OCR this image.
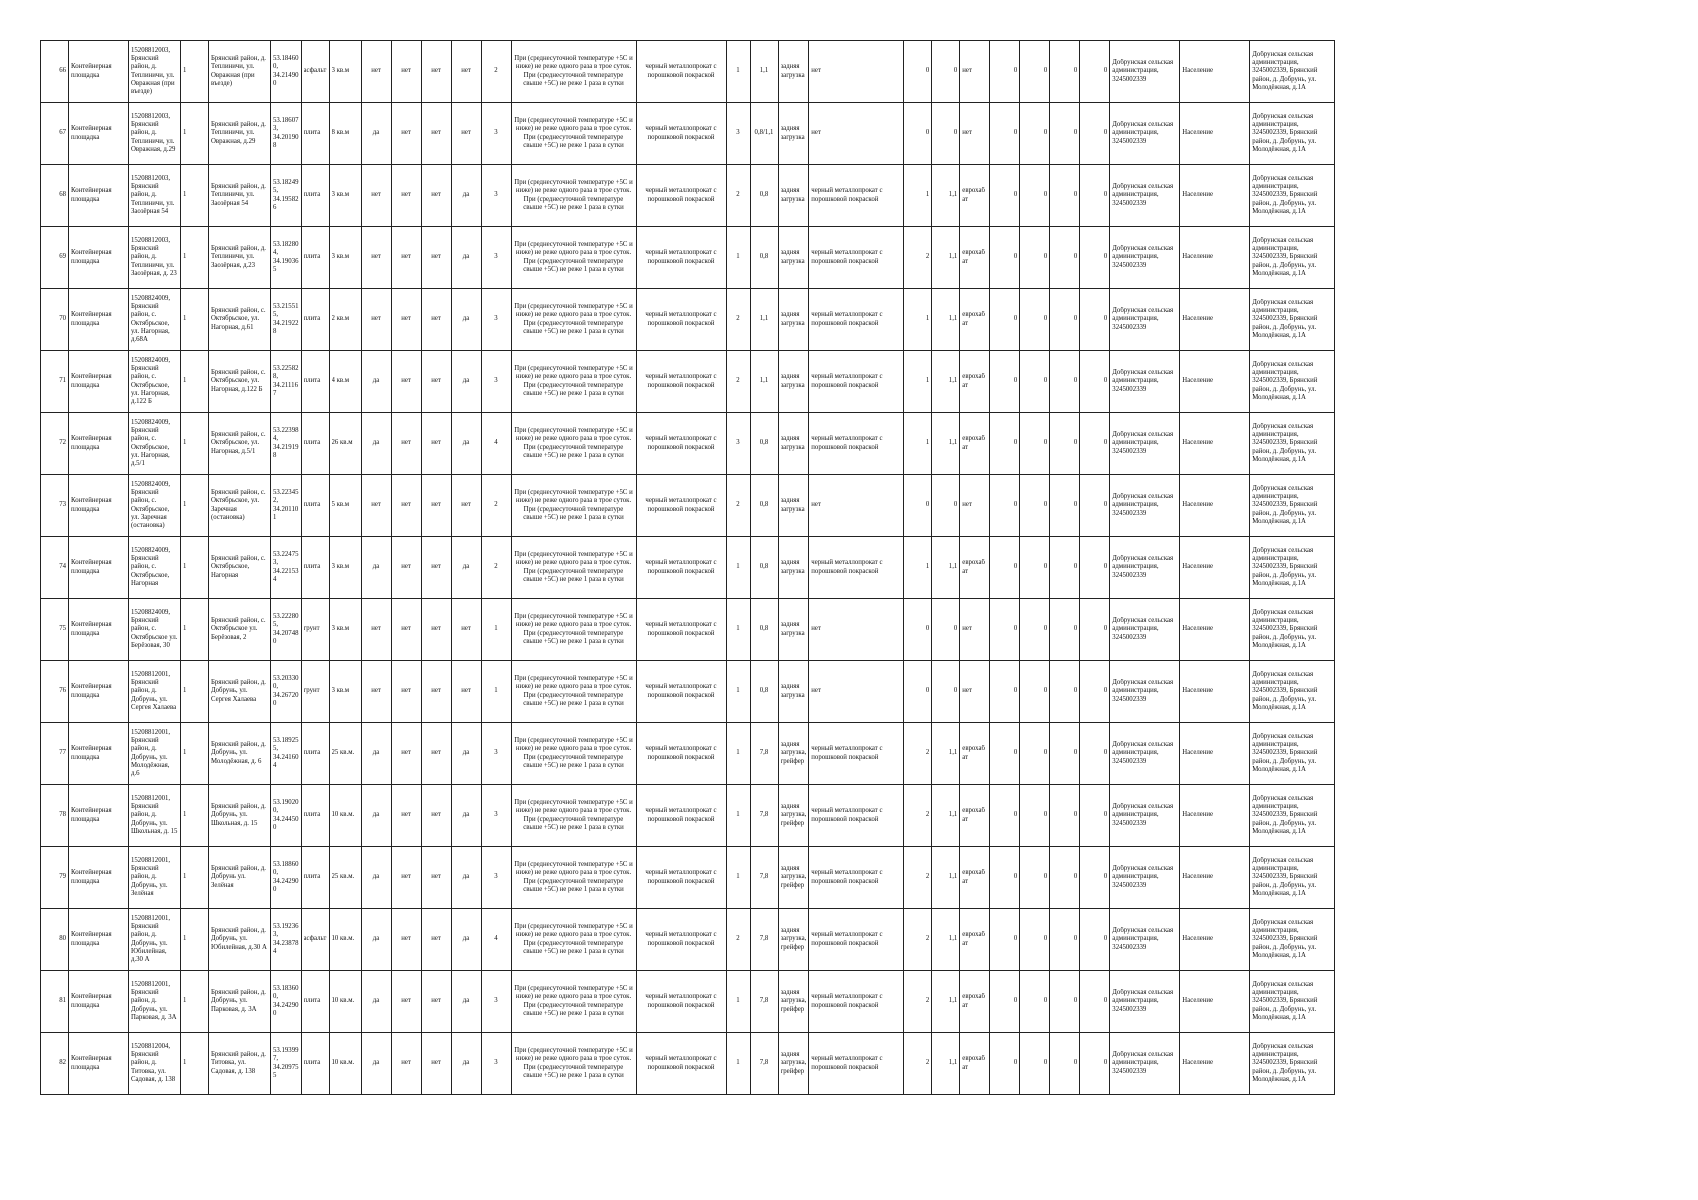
66	Контейнерная площадка	15208812003, Брянский район, д. Теплиничи, ул. Овражная (при въезде)	1	Брянский район, д. Теплиничи, ул. Овражная (при въезде)	53.18460 0, 34.21490 0	асфальт	3 кв.м	нет	нет	нет	нет	2	При (среднесуточной температуре +5С и ниже) не реже одного раза в трое суток. При (среднесуточной температуре свыше +5С) не реже 1 раза в сутки	черный металлопрокат с порошковой покраской	1	1,1	задняя загрузка	нет	0	0	нет	0	0	0	0	Добрунская сельская администрация, 3245002339	Население	Добрунская сельская администрация, 3245002339, Брянский район, д. Добрунь, ул. Молодёжная, д.1А

67	Контейнерная площадка	15208812003, Брянский район, д. Теплиничи, ул. Овражная, д.29	1	Брянский район, д. Теплиничи, ул. Овражная, д.29	53.18607 3, 34.20190 8	плита	8 кв.м	да	нет	нет	нет	3	При (среднесуточной температуре +5С и ниже) не реже одного раза в трое суток. При (среднесуточной температуре свыше +5С) не реже 1 раза в сутки	черный металлопрокат с порошковой покраской	3	0,8/1,1	задняя загрузка	нет	0	0	нет	0	0	0	0	Добрунская сельская администрация, 3245002339	Население	Добрунская сельская администрация, 3245002339, Брянский район, д. Добрунь, ул. Молодёжная, д.1А

68	Контейнерная площадка	15208812003, Брянский район, д. Теплиничи, ул. Заозёрная 54	1	Брянский район, д. Теплиничи, ул. Заозёрная 54	53.18249 5, 34.19582 6	плита	3 кв.м	нет	нет	нет	да	3	При (среднесуточной температуре +5С и ниже) не реже одного раза в трое суток. При (среднесуточной температуре свыше +5С) не реже 1 раза в сутки	черный металлопрокат с порошковой покраской	2	0,8	задняя загрузка	черный металлопрокат с порошковой покраской	1	1,1	еврохаб ат	0	0	0	0	Добрунская сельская администрация, 3245002339	Население	Добрунская сельская администрация, 3245002339, Брянский район, д. Добрунь, ул. Молодёжная, д.1А

69	Контейнерная площадка	15208812003, Брянский район, д. Теплиничи, ул. Заозёрная, д. 23	1	Брянский район, д. Теплиничи, ул. Заозёрная, д.23	53.18280 4, 34.19036 5	плита	3 кв.м	нет	нет	нет	да	3	При (среднесуточной температуре +5С и ниже) не реже одного раза в трое суток. При (среднесуточной температуре свыше +5С) не реже 1 раза в сутки	черный металлопрокат с порошковой покраской	1	0,8	задняя загрузка	черный металлопрокат с порошковой покраской	2	1,1	еврохаб ат	0	0	0	0	Добрунская сельская администрация, 3245002339	Население	Добрунская сельская администрация, 3245002339, Брянский район, д. Добрунь, ул. Молодёжная, д.1А

70	Контейнерная площадка	15208824009, Брянский район, с. Октябрьское, ул. Нагорная, д.68А	1	Брянский район, с. Октябрьское, ул. Нагорная, д.61	53.21551 5, 34.21922 8	плита	2 кв.м	нет	нет	нет	да	3	При (среднесуточной температуре +5С и ниже) не реже одного раза в трое суток. При (среднесуточной температуре свыше +5С) не реже 1 раза в сутки	черный металлопрокат с порошковой покраской	2	1,1	задняя загрузка	черный металлопрокат с порошковой покраской	1	1,1	еврохаб ат	0	0	0	0	Добрунская сельская администрация, 3245002339	Население	Добрунская сельская администрация, 3245002339, Брянский район, д. Добрунь, ул. Молодёжная, д.1А

71	Контейнерная площадка	15208824009, Брянский район, с. Октябрьское, ул. Нагорная, д.122 Б	1	Брянский район, с. Октябрьское, ул. Нагорная, д.122 Б	53.22582 8, 34.21116 7	плита	4 кв.м	да	нет	нет	да	3	При (среднесуточной температуре +5С и ниже) не реже одного раза в трое суток. При (среднесуточной температуре свыше +5С) не реже 1 раза в сутки	черный металлопрокат с порошковой покраской	2	1,1	задняя загрузка	черный металлопрокат с порошковой покраской	1	1,1	еврохаб ат	0	0	0	0	Добрунская сельская администрация, 3245002339	Население	Добрунская сельская администрация, 3245002339, Брянский район, д. Добрунь, ул. Молодёжная, д.1А

72	Контейнерная площадка	15208824009, Брянский район, с. Октябрьское, ул. Нагорная, д.5/1	1	Брянский район, с. Октябрьское, ул. Нагорная, д.5/1	53.22398 4, 34.21919 8	плита	26 кв.м	да	нет	нет	да	4	При (среднесуточной температуре +5С и ниже) не реже одного раза в трое суток. При (среднесуточной температуре свыше +5С) не реже 1 раза в сутки	черный металлопрокат с порошковой покраской	3	0,8	задняя загрузка	черный металлопрокат с порошковой покраской	1	1,1	еврохаб ат	0	0	0	0	Добрунская сельская администрация, 3245002339	Население	Добрунская сельская администрация, 3245002339, Брянский район, д. Добрунь, ул. Молодёжная, д.1А

73	Контейнерная площадка	15208824009, Брянский район, с. Октябрьское, ул. Заречная (остановка)	1	Брянский район, с. Октябрьское, ул. Заречная (остановка)	53.22345 2, 34.20110 1	плита	5 кв.м	нет	нет	нет	нет	2	При (среднесуточной температуре +5С и ниже) не реже одного раза в трое суток. При (среднесуточной температуре свыше +5С) не реже 1 раза в сутки	черный металлопрокат с порошковой покраской	2	0,8	задняя загрузка	нет	0	0	нет	0	0	0	0	Добрунская сельская администрация, 3245002339	Население	Добрунская сельская администрация, 3245002339, Брянский район, д. Добрунь, ул. Молодёжная, д.1А

74	Контейнерная площадка	15208824009, Брянский район, с. Октябрьское, Нагорная	1	Брянский район, с. Октябрьское, Нагорная	53.22475 3, 34.22153 4	плита	3 кв.м	да	нет	нет	да	2	При (среднесуточной температуре +5С и ниже) не реже одного раза в трое суток. При (среднесуточной температуре свыше +5С) не реже 1 раза в сутки	черный металлопрокат с порошковой покраской	1	0,8	задняя загрузка	черный металлопрокат с порошковой покраской	1	1,1	еврохаб ат	0	0	0	0	Добрунская сельская администрация, 3245002339	Население	Добрунская сельская администрация, 3245002339, Брянский район, д. Добрунь, ул. Молодёжная, д.1А

75	Контейнерная площадка	15208824009, Брянский район, с. Октябрьское ул. Берёзовая, 30	1	Брянский район, с. Октябрьское ул. Берёзовая, 2	53.22280 5, 34.20748 0	грунт	3 кв.м	нет	нет	нет	нет	1	При (среднесуточной температуре +5С и ниже) не реже одного раза в трое суток. При (среднесуточной температуре свыше +5С) не реже 1 раза в сутки	черный металлопрокат с порошковой покраской	1	0,8	задняя загрузка	нет	0	0	нет	0	0	0	0	Добрунская сельская администрация, 3245002339	Население	Добрунская сельская администрация, 3245002339, Брянский район, д. Добрунь, ул. Молодёжная, д.1А

76	Контейнерная площадка	15208812001, Брянский район, д. Добрунь, ул. Сергея Халаева	1	Брянский район, д. Добрунь, ул. Сергея Халаева	53.20330 0, 34.26720 0	грунт	3 кв.м	нет	нет	нет	нет	1	При (среднесуточной температуре +5С и ниже) не реже одного раза в трое суток. При (среднесуточной температуре свыше +5С) не реже 1 раза в сутки	черный металлопрокат с порошковой покраской	1	0,8	задняя загрузка	нет	0	0	нет	0	0	0	0	Добрунская сельская администрация, 3245002339	Население	Добрунская сельская администрация, 3245002339, Брянский район, д. Добрунь, ул. Молодёжная, д.1А

77	Контейнерная площадка	15208812001, Брянский район, д. Добрунь, ул. Молодёжная, д.6	1	Брянский район, д. Добрунь, ул. Молодёжная, д. 6	53.18925 5, 34.24160 4	плита	25 кв.м.	да	нет	нет	да	3	При (среднесуточной температуре +5С и ниже) не реже одного раза в трое суток. При (среднесуточной температуре свыше +5С) не реже 1 раза в сутки	черный металлопрокат с порошковой покраской	1	7,8	задняя загрузка, грейфер	черный металлопрокат с порошковой покраской	2	1,1	еврохаб ат	0	0	0	0	Добрунская сельская администрация, 3245002339	Население	Добрунская сельская администрация, 3245002339, Брянский район, д. Добрунь, ул. Молодёжная, д.1А

78	Контейнерная площадка	15208812001, Брянский район, д. Добрунь, ул. Школьная, д. 15	1	Брянский район, д. Добрунь, ул. Школьная, д. 15	53.19020 0, 34.24450 0	плита	10 кв.м.	да	нет	нет	да	3	При (среднесуточной температуре +5С и ниже) не реже одного раза в трое суток. При (среднесуточной температуре свыше +5С) не реже 1 раза в сутки	черный металлопрокат с порошковой покраской	1	7,8	задняя загрузка, грейфер	черный металлопрокат с порошковой покраской	2	1,1	еврохаб ат	0	0	0	0	Добрунская сельская администрация, 3245002339	Население	Добрунская сельская администрация, 3245002339, Брянский район, д. Добрунь, ул. Молодёжная, д.1А

79	Контейнерная площадка	15208812001, Брянский район, д. Добрунь, ул. Зелёная	1	Брянский район, д. Добрунь ул. Зелёная	53.18860 0, 34.24290 0	плита	25 кв.м.	да	нет	нет	да	3	При (среднесуточной температуре +5С и ниже) не реже одного раза в трое суток. При (среднесуточной температуре свыше +5С) не реже 1 раза в сутки	черный металлопрокат с порошковой покраской	1	7,8	задняя загрузка, грейфер	черный металлопрокат с порошковой покраской	2	1,1	еврохаб ат	0	0	0	0	Добрунская сельская администрация, 3245002339	Население	Добрунская сельская администрация, 3245002339, Брянский район, д. Добрунь, ул. Молодёжная, д.1А

80	Контейнерная площадка	15208812001, Брянский район, д. Добрунь, ул. Юбилейная, д.30 А	1	Брянский район, д. Добрунь, ул. Юбилейная, д.30 А	53.19236 3, 34.23878 4	асфальт	10 кв.м.	да	нет	нет	да	4	При (среднесуточной температуре +5С и ниже) не реже одного раза в трое суток. При (среднесуточной температуре свыше +5С) не реже 1 раза в сутки	черный металлопрокат с порошковой покраской	2	7,8	задняя загрузка, грейфер	черный металлопрокат с порошковой покраской	2	1,1	еврохаб ат	0	0	0	0	Добрунская сельская администрация, 3245002339	Население	Добрунская сельская администрация, 3245002339, Брянский район, д. Добрунь, ул. Молодёжная, д.1А

81	Контейнерная площадка	15208812001, Брянский район, д. Добрунь, ул. Парковая, д. 3А	1	Брянский район, д. Добрунь, ул. Парковая, д. 3А	53.18360 0, 34.24290 0	плита	10 кв.м.	да	нет	нет	да	3	При (среднесуточной температуре +5С и ниже) не реже одного раза в трое суток. При (среднесуточной температуре свыше +5С) не реже 1 раза в сутки	черный металлопрокат с порошковой покраской	1	7,8	задняя загрузка, грейфер	черный металлопрокат с порошковой покраской	2	1,1	еврохаб ат	0	0	0	0	Добрунская сельская администрация, 3245002339	Население	Добрунская сельская администрация, 3245002339, Брянский район, д. Добрунь, ул. Молодёжная, д.1А

82	Контейнерная площадка	15208812004, Брянский район, д. Титовка, ул. Садовая, д. 138	1	Брянский район, д. Титовка, ул. Садовая, д. 138	53.19399 7, 34.20975 5	плита	10 кв.м.	да	нет	нет	да	3	При (среднесуточной температуре +5С и ниже) не реже одного раза в трое суток. При (среднесуточной температуре свыше +5С) не реже 1 раза в сутки	черный металлопрокат с порошковой покраской	1	7,8	задняя загрузка, грейфер	черный металлопрокат с порошковой покраской	2	1,1	еврохаб ат	0	0	0	0	Добрунская сельская администрация, 3245002339	Население	Добрунская сельская администрация, 3245002339, Брянский район, д. Добрунь, ул. Молодёжная, д.1А
